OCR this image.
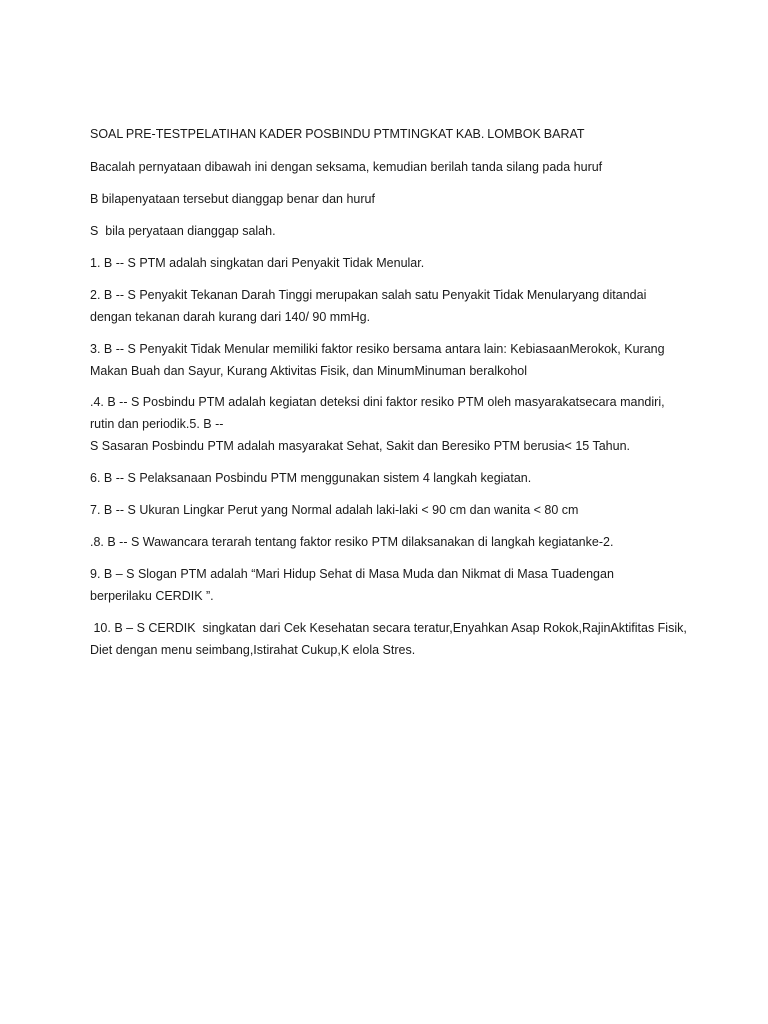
SOAL PRE-TESTPELATIHAN KADER POSBINDU PTMTINGKAT KAB. LOMBOK BARAT

Bacalah pernyataan dibawah ini dengan seksama, kemudian berilah tanda silang pada huruf

B bilapenyataan tersebut dianggap benar dan huruf

S  bila peryataan dianggap salah.

1. B -- S PTM adalah singkatan dari Penyakit Tidak Menular.

2. B -- S Penyakit Tekanan Darah Tinggi merupakan salah satu Penyakit Tidak Menularyang ditandai
dengan tekanan darah kurang dari 140/ 90 mmHg.

3. B -- S Penyakit Tidak Menular memiliki faktor resiko bersama antara lain: KebiasaanMerokok, Kurang
Makan Buah dan Sayur, Kurang Aktivitas Fisik, dan MinumMinuman beralkohol

.4. B -- S Posbindu PTM adalah kegiatan deteksi dini faktor resiko PTM oleh masyarakatsecara mandiri,
rutin dan periodik.5. B --
S Sasaran Posbindu PTM adalah masyarakat Sehat, Sakit dan Beresiko PTM berusia< 15 Tahun.

6. B -- S Pelaksanaan Posbindu PTM menggunakan sistem 4 langkah kegiatan.

7. B -- S Ukuran Lingkar Perut yang Normal adalah laki-laki < 90 cm dan wanita < 80 cm

.8. B -- S Wawancara terarah tentang faktor resiko PTM dilaksanakan di langkah kegiatanke-2.

9. B – S Slogan PTM adalah “Mari Hidup Sehat di Masa Muda dan Nikmat di Masa Tuadengan
berperilaku CERDIK ”.

10. B – S CERDIK  singkatan dari Cek Kesehatan secara teratur,Enyahkan Asap Rokok,RajinAktifitas Fisik,
Diet dengan menu seimbang,Istirahat Cukup,K elola Stres.
